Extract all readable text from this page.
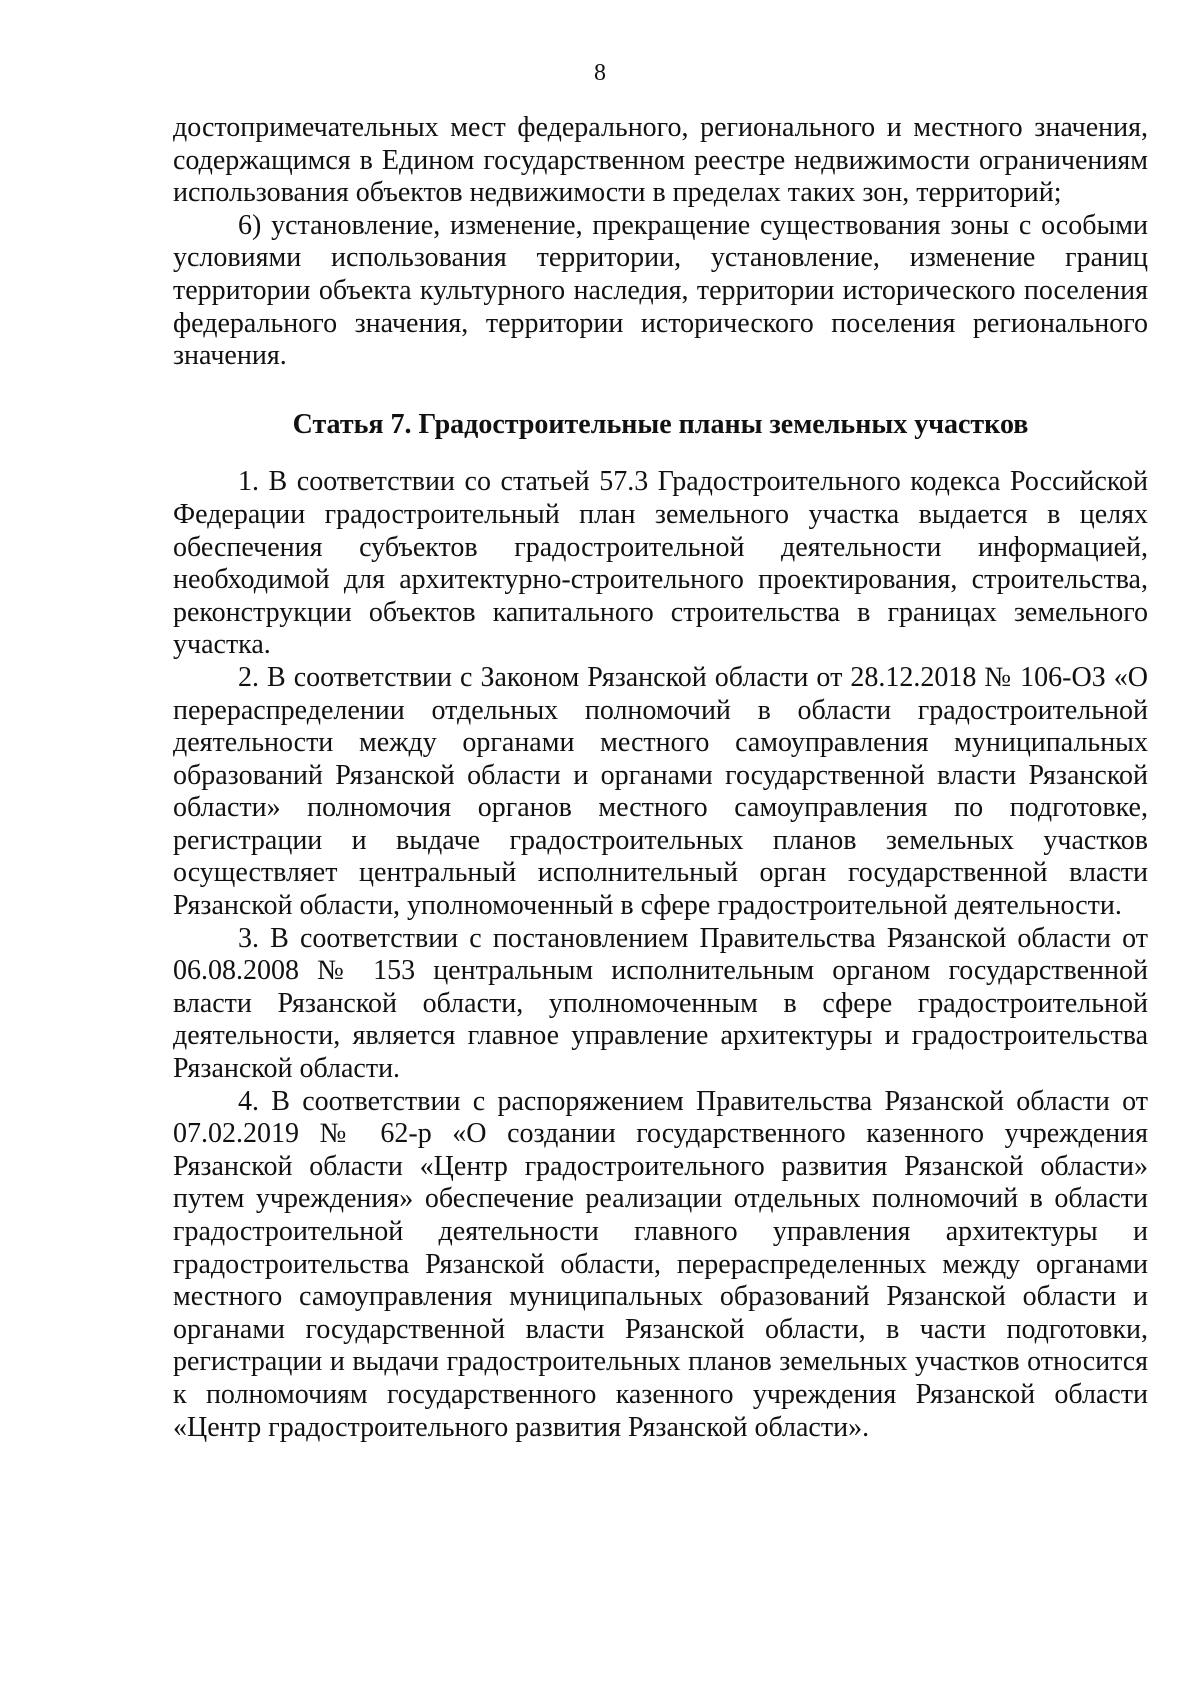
8

достопримечательных мест федерального, регионального и местного значения, содержащимся в Едином государственном реестре недвижимости ограничениям использования объектов недвижимости в пределах таких зон, территорий;

6) установление, изменение, прекращение существования зоны с особыми условиями использования территории, установление, изменение границ территории объекта культурного наследия, территории исторического поселения федерального значения, территории исторического поселения регионального значения.

Статья 7. Градостроительные планы земельных участков

1. В соответствии со статьей 57.3 Градостроительного кодекса Российской Федерации градостроительный план земельного участка выдается в целях обеспечения субъектов градостроительной деятельности информацией, необходимой для архитектурно-строительного проектирования, строительства, реконструкции объектов капитального строительства в границах земельного участка.

2. В соответствии с Законом Рязанской области от 28.12.2018 № 106-ОЗ «О перераспределении отдельных полномочий в области градостроительной деятельности между органами местного самоуправления муниципальных образований Рязанской области и органами государственной власти Рязанской области» полномочия органов местного самоуправления по подготовке, регистрации и выдаче градостроительных планов земельных участков осуществляет центральный исполнительный орган государственной власти Рязанской области, уполномоченный в сфере градостроительной деятельности.

3. В соответствии с постановлением Правительства Рязанской области от 06.08.2008 № 153 центральным исполнительным органом государственной власти Рязанской области, уполномоченным в сфере градостроительной деятельности, является главное управление архитектуры и градостроительства Рязанской области.

4. В соответствии с распоряжением Правительства Рязанской области от 07.02.2019 № 62-р «О создании государственного казенного учреждения Рязанской области «Центр градостроительного развития Рязанской области» путем учреждения» обеспечение реализации отдельных полномочий в области градостроительной деятельности главного управления архитектуры и градостроительства Рязанской области, перераспределенных между органами местного самоуправления муниципальных образований Рязанской области и органами государственной власти Рязанской области, в части подготовки, регистрации и выдачи градостроительных планов земельных участков относится к полномочиям государственного казенного учреждения Рязанской области «Центр градостроительного развития Рязанской области».
